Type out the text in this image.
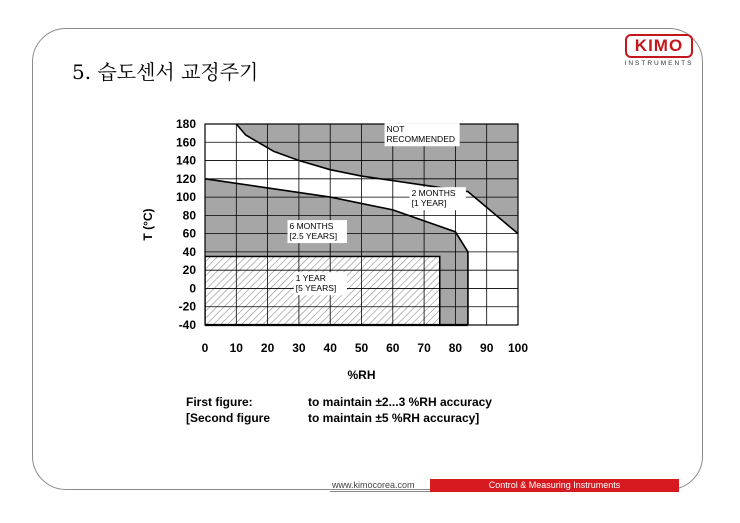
5. 습도센서 교정주기
KIMO
INSTRUMENTS
0 10 20 30 40 50 60 70 80 90 100
180
160
140
120
100
80
60
40
20
0
-20
-40
%RH
T (°C)
NOT
RECOMMENDED
2 MONTHS
[1 YEAR]
6 MONTHS
[2.5 YEARS]
1 YEAR
[5 YEARS]
First figure:	to maintain ±2...3 %RH accuracy
[Second figure	to maintain ±5 %RH accuracy]
www.kimocorea.com	Control & Measuring Instruments
